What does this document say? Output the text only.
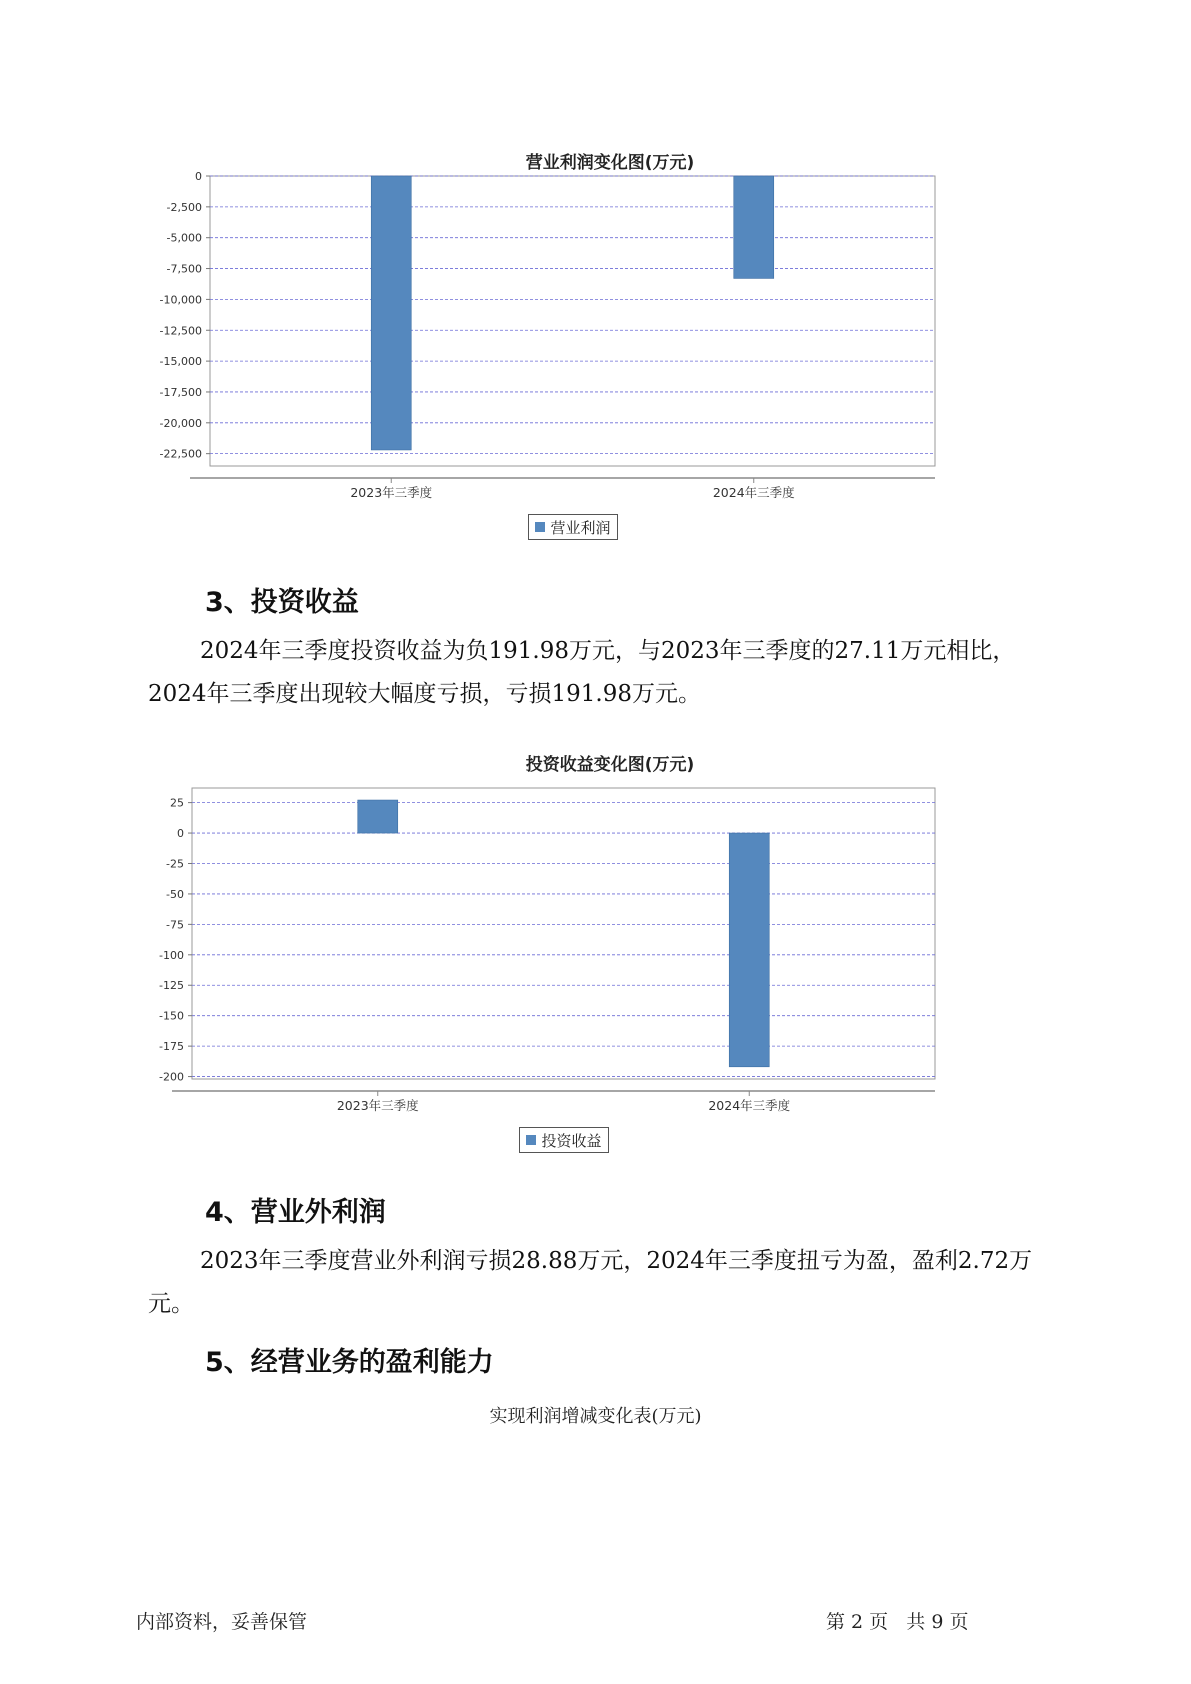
营业利润变化图(万元)
0
-2,500
-5,000
-7,500
-10,000
-12,500
-15,000
-17,500
-20,000
-22,500
2023年三季度	2024年三季度
营业利润
3、投资收益

2024年三季度投资收益为负191.98万元，与2023年三季度的27.11万元相比，2024年三季度出现较大幅度亏损，亏损191.98万元。

投资收益变化图(万元)
25
0
-25
-50
-75
-100
-125
-150
-175
-200
2023年三季度	2024年三季度
投资收益
4、营业外利润

2023年三季度营业外利润亏损28.88万元，2024年三季度扭亏为盈，盈利2.72万元。

5、经营业务的盈利能力
实现利润增减变化表(万元)
内部资料，妥善保管	第 2 页   共 9 页
